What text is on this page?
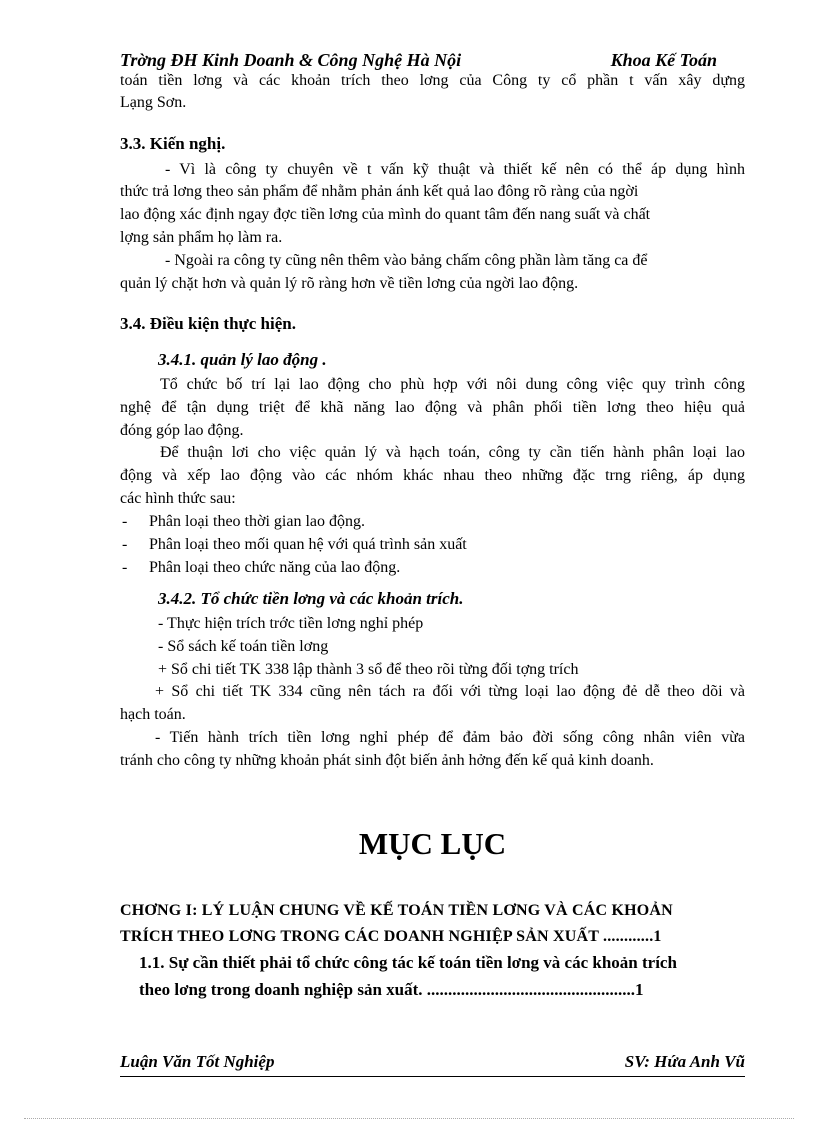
Trờng ĐH Kinh Doanh & Công Nghệ Hà Nội	Khoa Kế Toán
toán tiền lơng và các khoản trích theo lơng của Công ty cổ phần t vấn xây dựng
Lạng Sơn.
3.3. Kiến nghị.
- Vì là công ty chuyên về t vấn kỹ thuật và thiết kế nên có thể áp dụng hình
thức trả lơng theo sản phẩm để nhằm phản ánh kết quả lao đông rõ ràng của ngời
lao động xác định ngay đợc tiền lơng của mình do quant tâm đến nang suất và chất
lợng sản phẩm họ làm ra.
- Ngoài ra công ty cũng nên thêm vào bảng chấm công phần làm tăng ca để
quản lý chặt hơn và quản lý rõ ràng hơn về tiền lơng của ngời lao động.
3.4. Điều kiện thực hiện.
3.4.1. quản lý lao động .
Tổ chức bố trí lại lao động cho phù hợp với nôi dung công việc quy trình công
nghệ để tận dụng triệt để khã năng lao động và phân phối tiền lơng theo hiệu quả
đóng góp lao động.
Để thuận lơi cho việc quản lý và hạch toán, công ty cần tiến hành phân loại lao
động và xếp lao động vào các nhóm khác nhau theo những đặc trng riêng, áp dụng
các hình thức sau:
-	Phân loại theo thời gian lao động.
-	Phân loại theo mối quan hệ với quá trình sản xuất
-	Phân loại theo chức năng của lao động.
3.4.2. Tổ chức tiền lơng và các khoản trích.
- Thực hiện trích trớc tiền lơng nghỉ phép
- Sổ sách kế toán tiền lơng
+ Sổ chi tiết TK 338 lập thành 3 sổ để theo rõi từng đối tợng trích
+ Sổ chi tiết TK 334 cũng nên tách ra đối với từng loại lao động đẻ dễ theo dõi và
hạch toán.
- Tiến hành trích tiền lơng nghỉ phép để đảm bảo đời sống công nhân viên vừa
tránh cho công ty những khoản phát sinh đột biến ảnh hởng đến kế quả kinh doanh.
MỤC LỤC
CHƠNG I: LÝ LUẬN CHUNG VỀ KẾ TOÁN TIỀN LƠNG VÀ CÁC KHOẢN
TRÍCH THEO LƠNG TRONG CÁC DOANH NGHIỆP SẢN XUẤT ............1
1.1. Sự cần thiết phải tổ chức công tác kế toán tiền lơng và các khoản trích
theo lơng trong doanh nghiệp sản xuất. .................................................1
Luận Văn Tốt Nghiệp	SV: Hứa Anh Vũ
